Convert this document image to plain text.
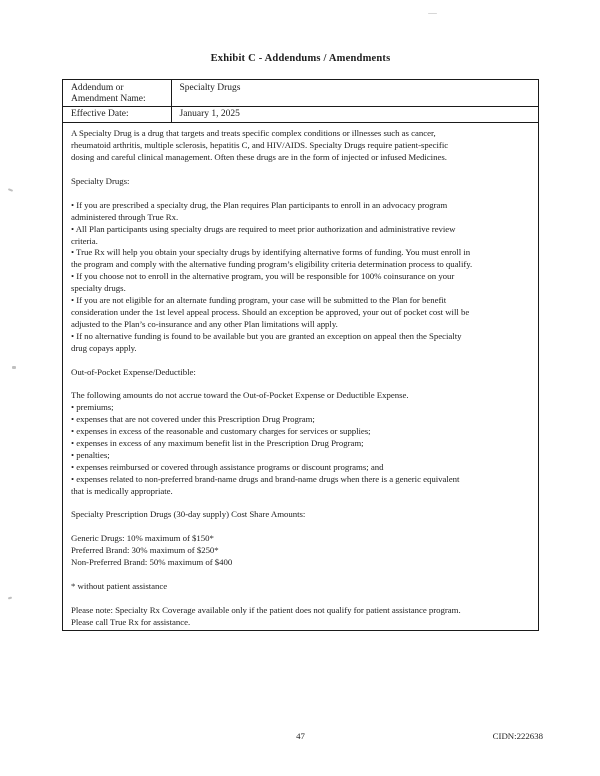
Exhibit C - Addendums / Amendments
Addendum or
Amendment Name:
Specialty Drugs
Effective Date:	January 1, 2025
A Specialty Drug is a drug that targets and treats specific complex conditions or illnesses such as cancer,
rheumatoid arthritis, multiple sclerosis, hepatitis C, and HIV/AIDS. Specialty Drugs require patient-specific
dosing and careful clinical management. Often these drugs are in the form of injected or infused Medicines.

Specialty Drugs:

• If you are prescribed a specialty drug, the Plan requires Plan participants to enroll in an advocacy program
administered through True Rx.
• All Plan participants using specialty drugs are required to meet prior authorization and administrative review
criteria.
• True Rx will help you obtain your specialty drugs by identifying alternative forms of funding. You must enroll in
the program and comply with the alternative funding program’s eligibility criteria determination process to qualify.
• If you choose not to enroll in the alternative program, you will be responsible for 100% coinsurance on your
specialty drugs.
• If you are not eligible for an alternate funding program, your case will be submitted to the Plan for benefit
consideration under the 1st level appeal process. Should an exception be approved, your out of pocket cost will be
adjusted to the Plan’s co-insurance and any other Plan limitations will apply.
• If no alternative funding is found to be available but you are granted an exception on appeal then the Specialty
drug copays apply.

Out-of-Pocket Expense/Deductible:

The following amounts do not accrue toward the Out-of-Pocket Expense or Deductible Expense.
• premiums;
• expenses that are not covered under this Prescription Drug Program;
• expenses in excess of the reasonable and customary charges for services or supplies;
• expenses in excess of any maximum benefit list in the Prescription Drug Program;
• penalties;
• expenses reimbursed or covered through assistance programs or discount programs; and
• expenses related to non-preferred brand-name drugs and brand-name drugs when there is a generic equivalent
that is medically appropriate.

Specialty Prescription Drugs (30-day supply) Cost Share Amounts:

Generic Drugs: 10% maximum of $150*
Preferred Brand: 30% maximum of $250*
Non-Preferred Brand: 50% maximum of $400

* without patient assistance

Please note: Specialty Rx Coverage available only if the patient does not qualify for patient assistance program.
Please call True Rx for assistance.
47	CIDN:222638
